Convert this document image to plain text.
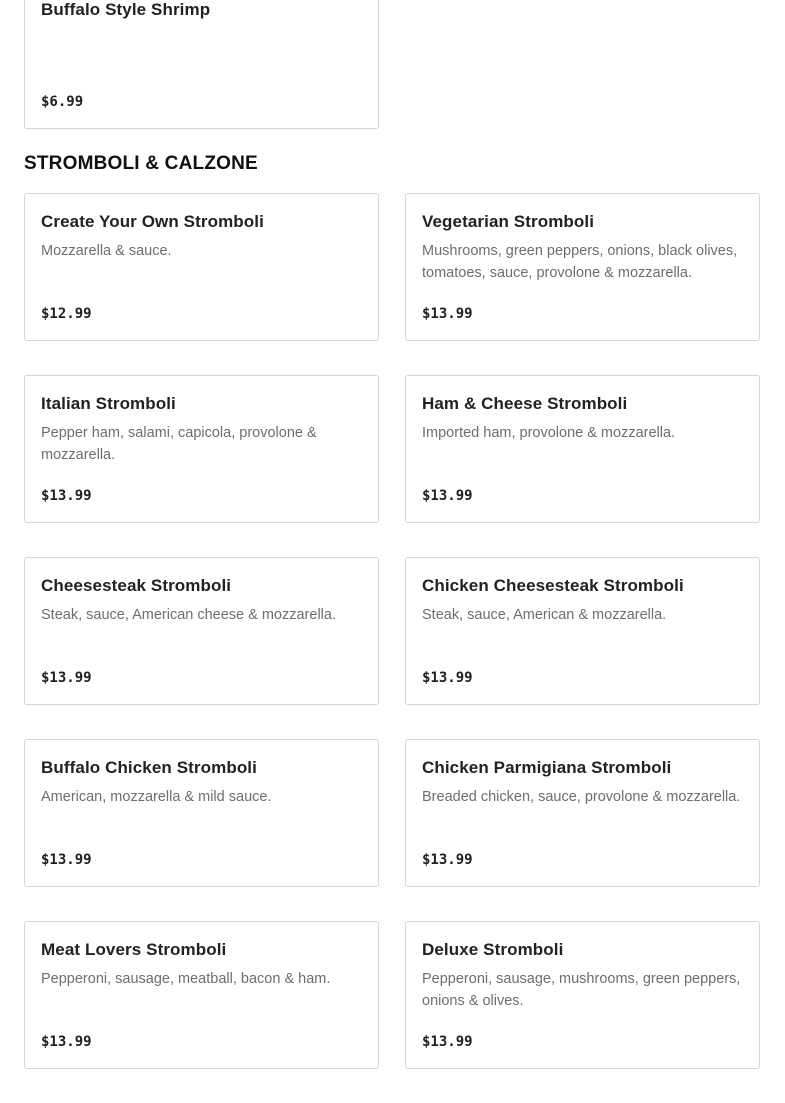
Buffalo Style Shrimp
$6.99
STROMBOLI & CALZONE
Create Your Own Stromboli
Mozzarella & sauce.
$12.99
Vegetarian Stromboli
Mushrooms, green peppers, onions, black olives, tomatoes, sauce, provolone & mozzarella.
$13.99
Italian Stromboli
Pepper ham, salami, capicola, provolone & mozzarella.
$13.99
Ham & Cheese Stromboli
Imported ham, provolone & mozzarella.
$13.99
Cheesesteak Stromboli
Steak, sauce, American cheese & mozzarella.
$13.99
Chicken Cheesesteak Stromboli
Steak, sauce, American & mozzarella.
$13.99
Buffalo Chicken Stromboli
American, mozzarella & mild sauce.
$13.99
Chicken Parmigiana Stromboli
Breaded chicken, sauce, provolone & mozzarella.
$13.99
Meat Lovers Stromboli
Pepperoni, sausage, meatball, bacon & ham.
$13.99
Deluxe Stromboli
Pepperoni, sausage, mushrooms, green peppers, onions & olives.
$13.99
